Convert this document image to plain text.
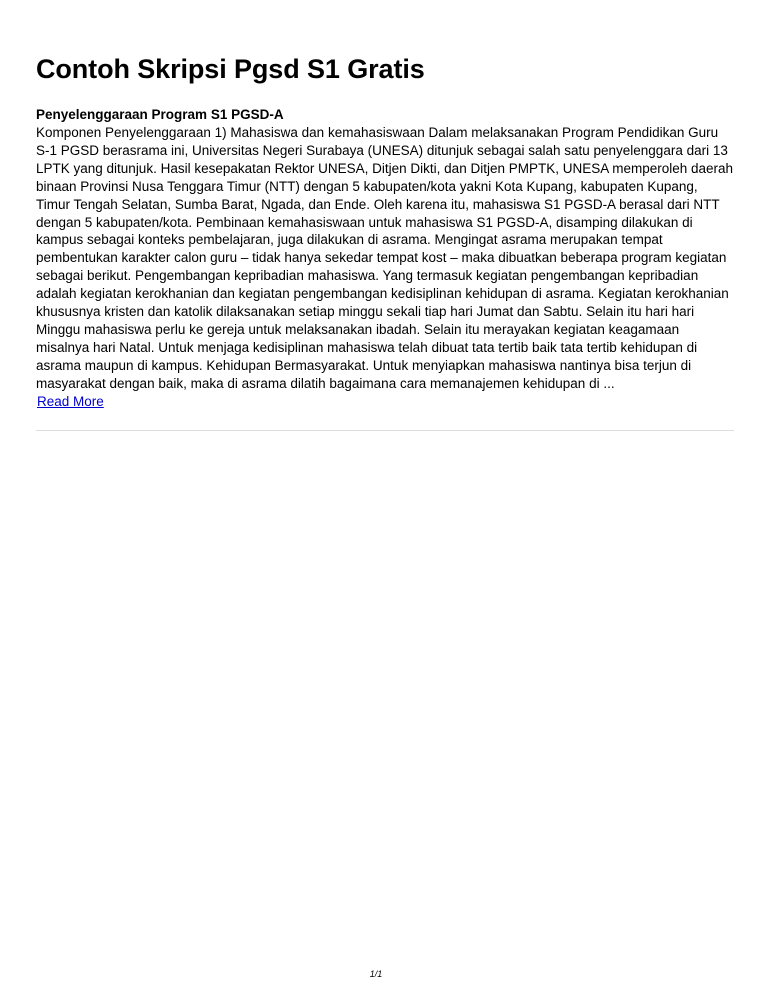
Contoh Skripsi Pgsd S1 Gratis
Penyelenggaraan Program S1 PGSD-A

Komponen Penyelenggaraan 1) Mahasiswa dan kemahasiswaan Dalam melaksanakan Program Pendidikan Guru S-1 PGSD berasrama ini, Universitas Negeri Surabaya (UNESA) ditunjuk sebagai salah satu penyelenggara dari 13 LPTK yang ditunjuk. Hasil kesepakatan Rektor UNESA, Ditjen Dikti, dan Ditjen PMPTK, UNESA memperoleh daerah binaan Provinsi Nusa Tenggara Timur (NTT) dengan 5 kabupaten/kota yakni Kota Kupang, kabupaten Kupang, Timur Tengah Selatan, Sumba Barat, Ngada, dan Ende. Oleh karena itu, mahasiswa S1 PGSD-A berasal dari NTT dengan 5 kabupaten/kota. Pembinaan kemahasiswaan untuk mahasiswa S1 PGSD-A, disamping dilakukan di kampus sebagai konteks pembelajaran, juga dilakukan di asrama. Mengingat asrama merupakan tempat pembentukan karakter calon guru – tidak hanya sekedar tempat kost – maka dibuatkan beberapa program kegiatan sebagai berikut. Pengembangan kepribadian mahasiswa. Yang termasuk kegiatan pengembangan kepribadian adalah kegiatan kerokhanian dan kegiatan pengembangan kedisiplinan kehidupan di asrama. Kegiatan kerokhanian khususnya kristen dan katolik dilaksanakan setiap minggu sekali tiap hari Jumat dan Sabtu. Selain itu hari hari Minggu mahasiswa perlu ke gereja untuk melaksanakan ibadah. Selain itu merayakan kegiatan keagamaan misalnya hari Natal. Untuk menjaga kedisiplinan mahasiswa telah dibuat tata tertib baik tata tertib kehidupan di asrama maupun di kampus. Kehidupan Bermasyarakat. Untuk menyiapkan mahasiswa nantinya bisa terjun di masyarakat dengan baik, maka di asrama dilatih bagaimana cara memanajemen kehidupan di ...

Read More
1/1
